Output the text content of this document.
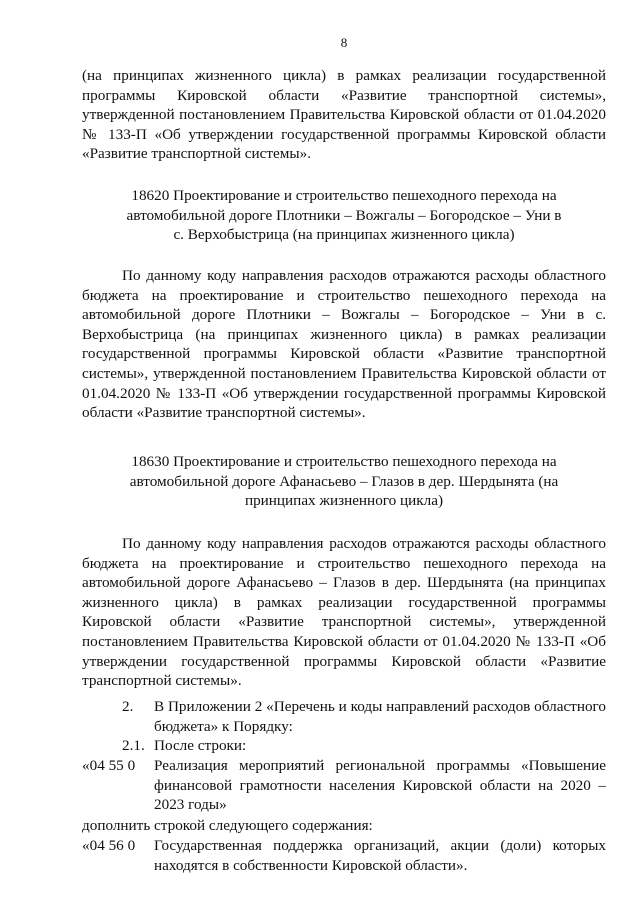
8

(на принципах жизненного цикла) в рамках реализации государственной программы Кировской области «Развитие транспортной системы», утвержденной постановлением Правительства Кировской области от 01.04.2020 № 133-П «Об утверждении государственной программы Кировской области «Развитие транспортной системы».

18620 Проектирование и строительство пешеходного перехода на автомобильной дороге Плотники – Вожгалы – Богородское – Уни в с. Верхобыстрица (на принципах жизненного цикла)

По данному коду направления расходов отражаются расходы областного бюджета на проектирование и строительство пешеходного перехода на автомобильной дороге Плотники – Вожгалы – Богородское – Уни в с. Верхобыстрица (на принципах жизненного цикла) в рамках реализации государственной программы Кировской области «Развитие транспортной системы», утвержденной постановлением Правительства Кировской области от 01.04.2020 № 133-П «Об утверждении государственной программы Кировской области «Развитие транспортной системы».

18630 Проектирование и строительство пешеходного перехода на автомобильной дороге Афанасьево – Глазов в дер. Шердынята (на принципах жизненного цикла)

По данному коду направления расходов отражаются расходы областного бюджета на проектирование и строительство пешеходного перехода на автомобильной дороге Афанасьево – Глазов в дер. Шердынята (на принципах жизненного цикла) в рамках реализации государственной программы Кировской области «Развитие транспортной системы», утвержденной постановлением Правительства Кировской области от 01.04.2020 № 133-П «Об утверждении государственной программы Кировской области «Развитие транспортной системы».

2. В Приложении 2 «Перечень и коды направлений расходов областного бюджета» к Порядку:
2.1. После строки:
«04 55 0 Реализация мероприятий региональной программы «Повышение финансовой грамотности населения Кировской области на 2020 – 2023 годы»

дополнить строкой следующего содержания:

«04 56 0 Государственная поддержка организаций, акции (доли) которых находятся в собственности Кировской области».
